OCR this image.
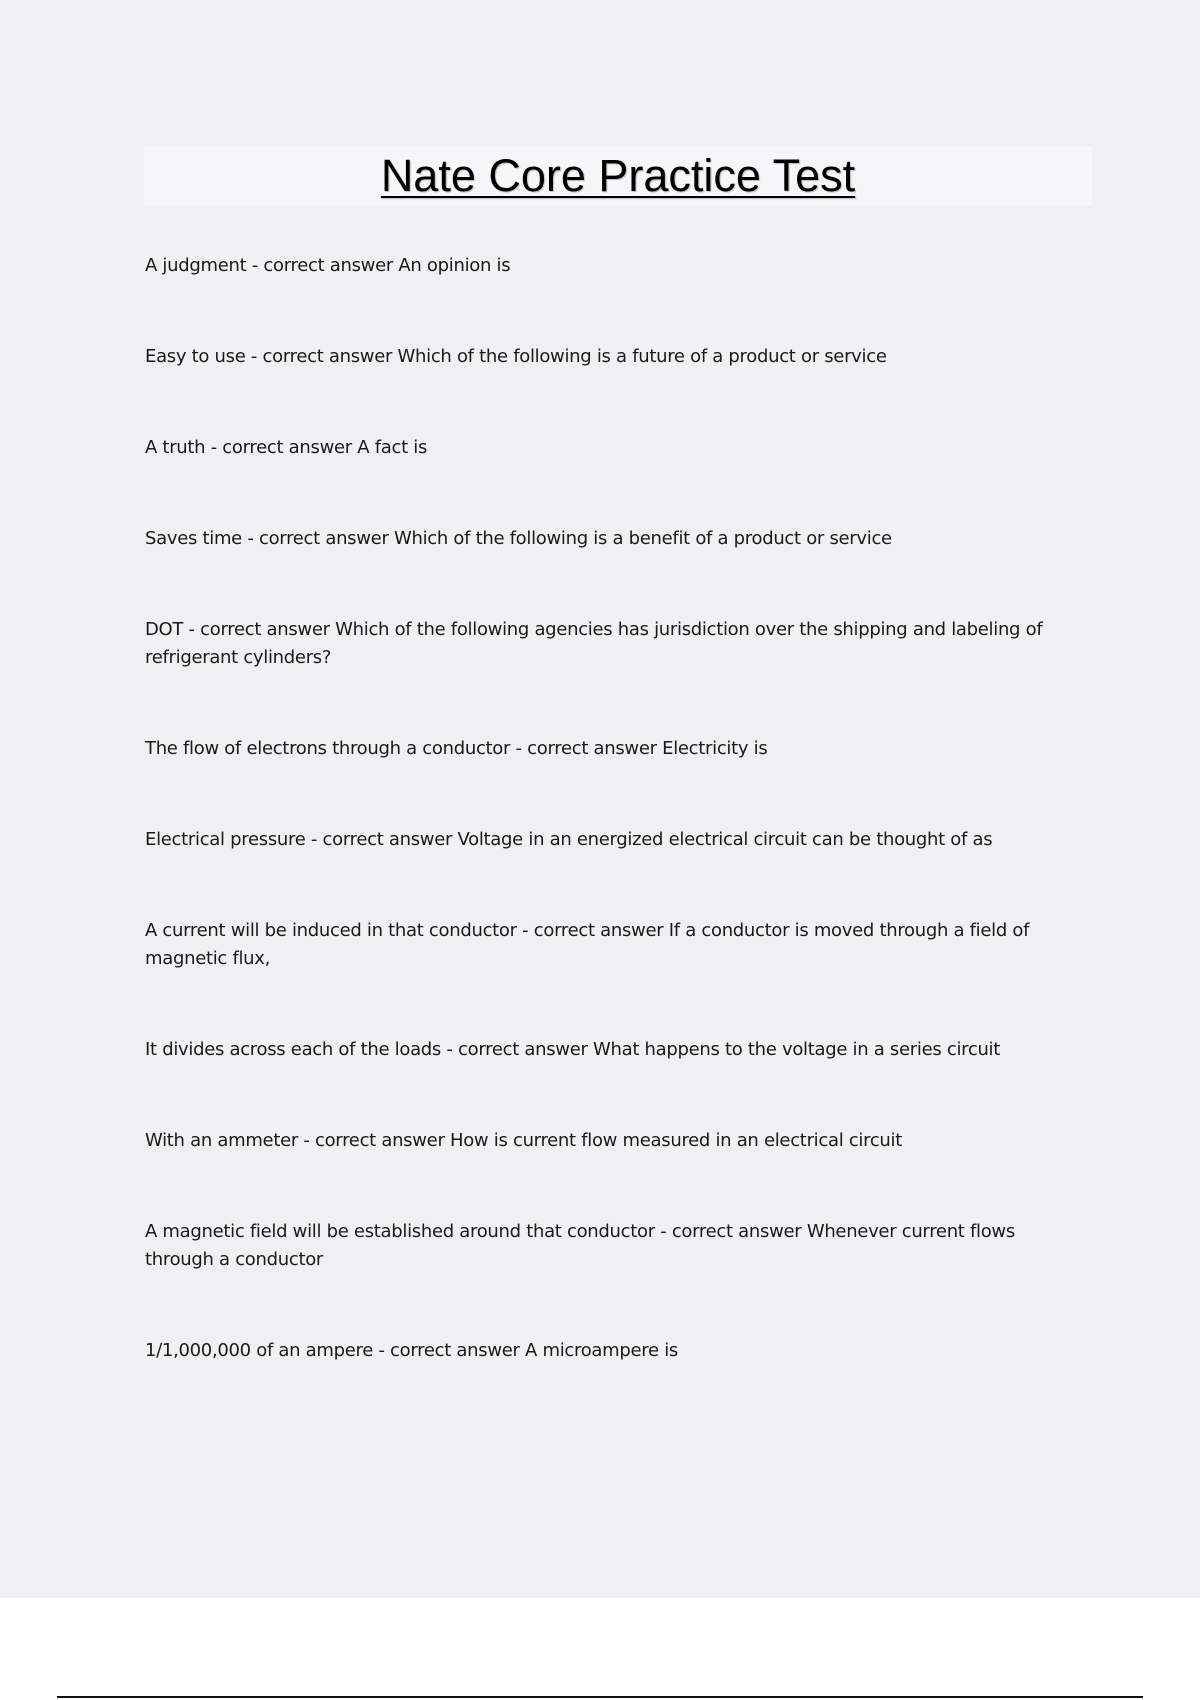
Nate Core Practice Test
A judgment - correct answer An opinion is
Easy to use - correct answer Which of the following is a future of a product or service
A truth - correct answer A fact is
Saves time - correct answer Which of the following is a benefit of a product or service
DOT - correct answer Which of the following agencies has jurisdiction over the shipping and labeling of refrigerant cylinders?
The flow of electrons through a conductor - correct answer Electricity is
Electrical pressure - correct answer Voltage in an energized electrical circuit can be thought of as
A current will be induced in that conductor - correct answer If a conductor is moved through a field of magnetic flux,
It divides across each of the loads - correct answer What happens to the voltage in a series circuit
With an ammeter - correct answer How is current flow measured in an electrical circuit
A magnetic field will be established around that conductor - correct answer Whenever current flows through a conductor
1/1,000,000 of an ampere - correct answer A microampere is
